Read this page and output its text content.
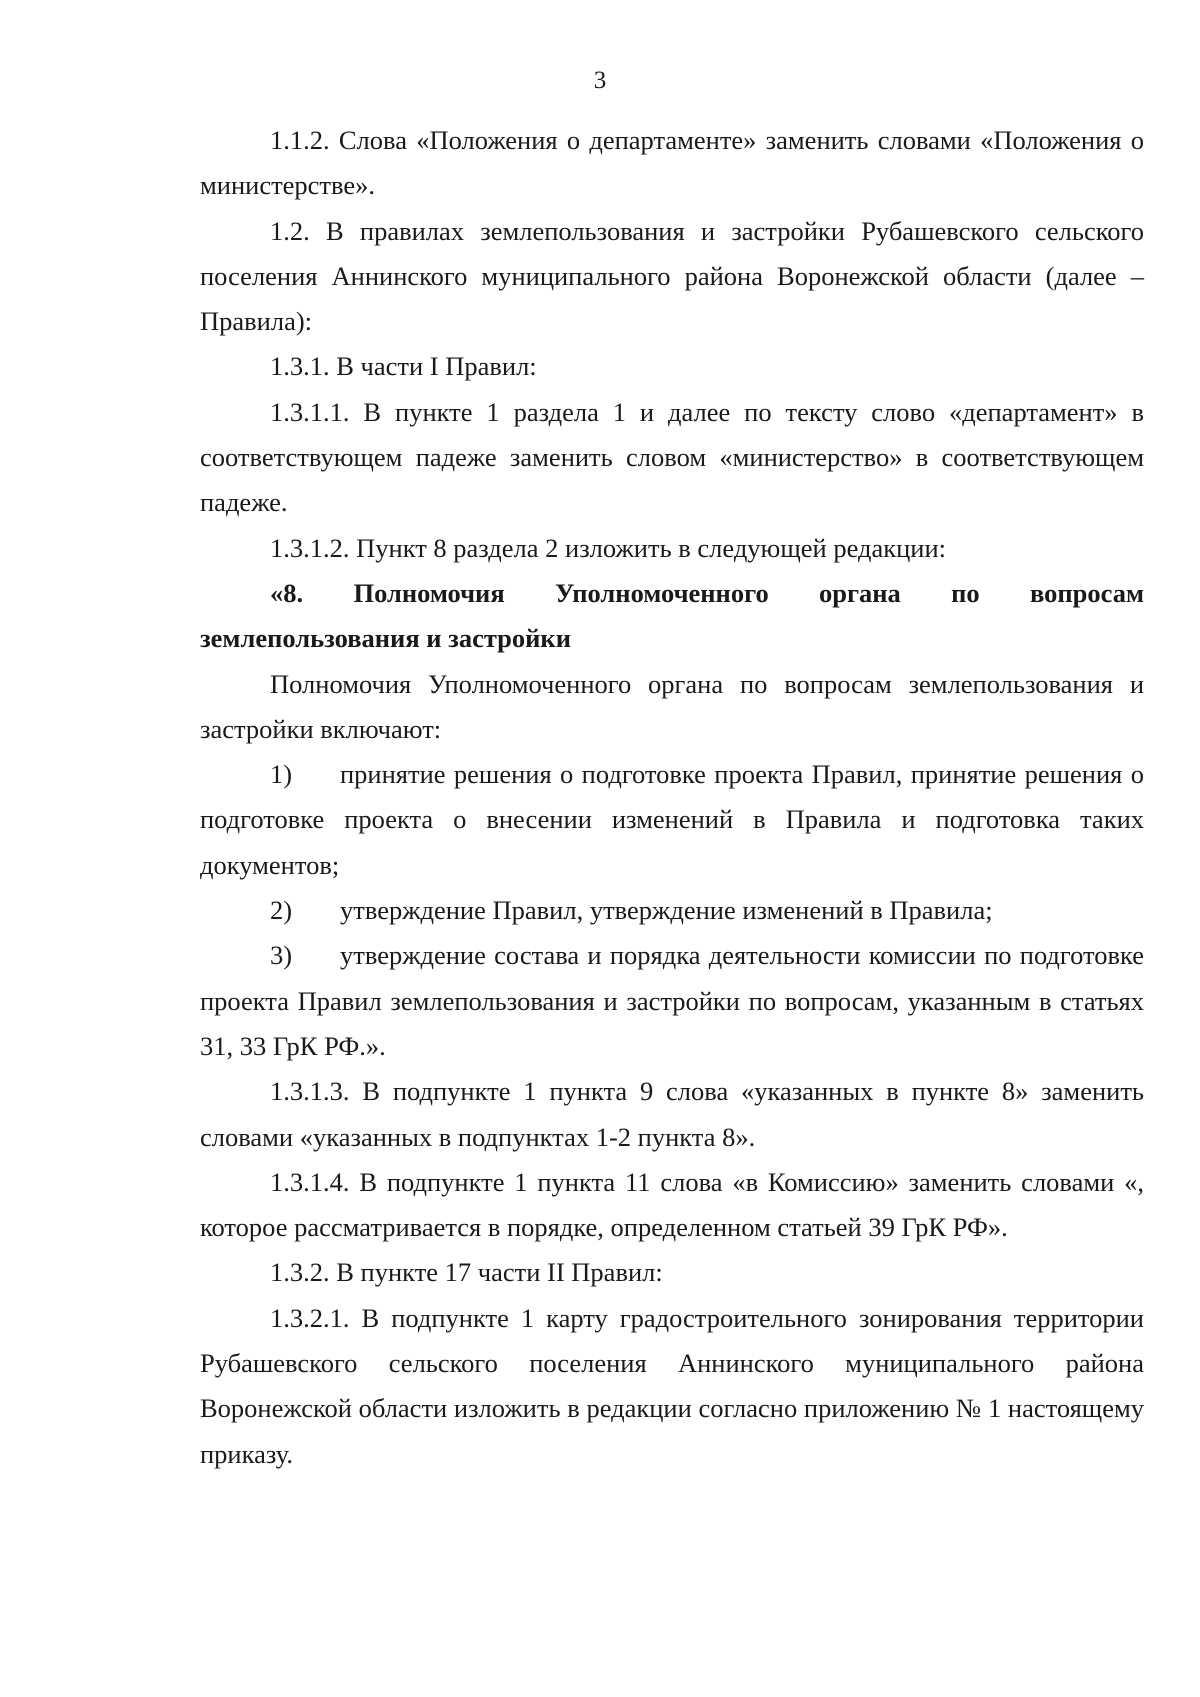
3

1.1.2. Слова «Положения о департаменте» заменить словами «Положения о министерстве».

1.2. В правилах землепользования и застройки Рубашевского сельского поселения Аннинского муниципального района Воронежской области (далее – Правила):

1.3.1. В части I Правил:

1.3.1.1. В пункте 1 раздела 1 и далее по тексту слово «департамент» в соответствующем падеже заменить словом «министерство» в соответствующем падеже.

1.3.1.2. Пункт 8 раздела 2 изложить в следующей редакции:

«8. Полномочия Уполномоченного органа по вопросам землепользования и застройки

Полномочия Уполномоченного органа по вопросам землепользования и застройки включают:

1) принятие решения о подготовке проекта Правил, принятие решения о подготовке проекта о внесении изменений в Правила и подготовка таких документов;

2) утверждение Правил, утверждение изменений в Правила;

3) утверждение состава и порядка деятельности комиссии по подготовке проекта Правил землепользования и застройки по вопросам, указанным в статьях 31, 33 ГрК РФ.».

1.3.1.3. В подпункте 1 пункта 9 слова «указанных в пункте 8» заменить словами «указанных в подпунктах 1-2 пункта 8».

1.3.1.4. В подпункте 1 пункта 11 слова «в Комиссию» заменить словами «, которое рассматривается в порядке, определенном статьей 39 ГрК РФ».

1.3.2. В пункте 17 части II Правил:

1.3.2.1. В подпункте 1 карту градостроительного зонирования территории Рубашевского сельского поселения Аннинского муниципального района Воронежской области изложить в редакции согласно приложению № 1 настоящему приказу.
